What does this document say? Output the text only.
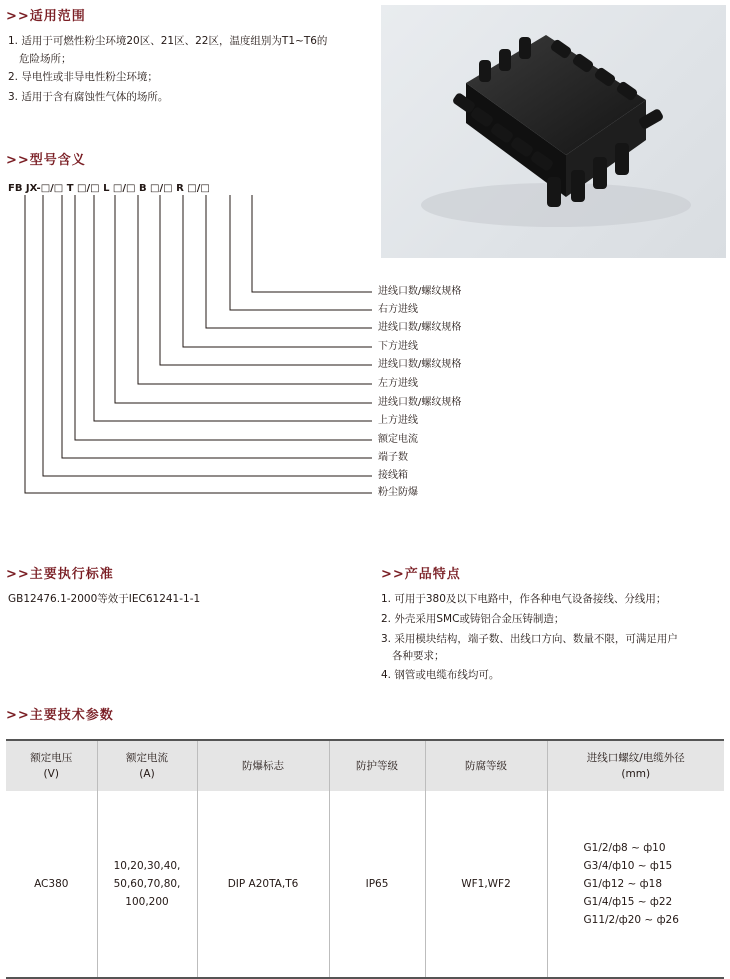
>>适用范围
1. 适用于可燃性粉尘环境20区、21区、22区，温度组别为T1~T6的
危险场所；
2. 导电性或非导电性粉尘环境；
3. 适用于含有腐蚀性气体的场所。
>>型号含义
FB JX-□/□ T □/□ L □/□ B □/□ R □/□
进线口数/螺纹规格
右方进线
进线口数/螺纹规格
下方进线
进线口数/螺纹规格
左方进线
进线口数/螺纹规格
上方进线
额定电流
端子数
接线箱
粉尘防爆
>>主要执行标准
GB12476.1-2000等效于IEC61241-1-1
>>产品特点
1. 可用于380及以下电路中，作各种电气设备接线、分线用；
2. 外壳采用SMC或铸铝合金压铸制造；
3. 采用模块结构，端子数、出线口方向、数量不限，可满足用户
各种要求；
4. 钢管或电缆布线均可。
>>主要技术参数
额定电压
(V)	额定电流
(A)	防爆标志	防护等级	防腐等级	进线口螺纹/电缆外径
(mm)

AC380	10,20,30,40,
50,60,70,80,
100,200	DIP A20TA,T6	IP65	WF1,WF2	G1/2/ф8 ~ ф10
G3/4/ф10 ~ ф15
G1/ф12 ~ ф18
G1/4/ф15 ~ ф22
G11/2/ф20 ~ ф26
